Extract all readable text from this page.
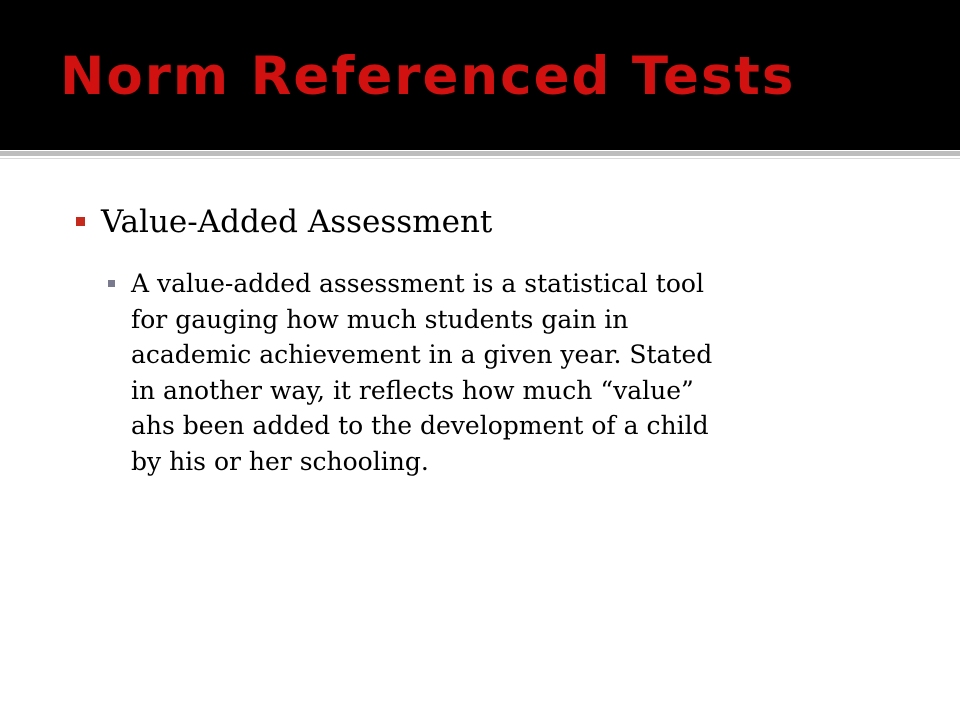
Norm Referenced Tests
Value-Added Assessment
A value-added assessment is a statistical tool
for gauging how much students gain in
academic achievement in a given year. Stated
in another way, it reflects how much “value”
ahs been added to the development of a child
by his or her schooling.
